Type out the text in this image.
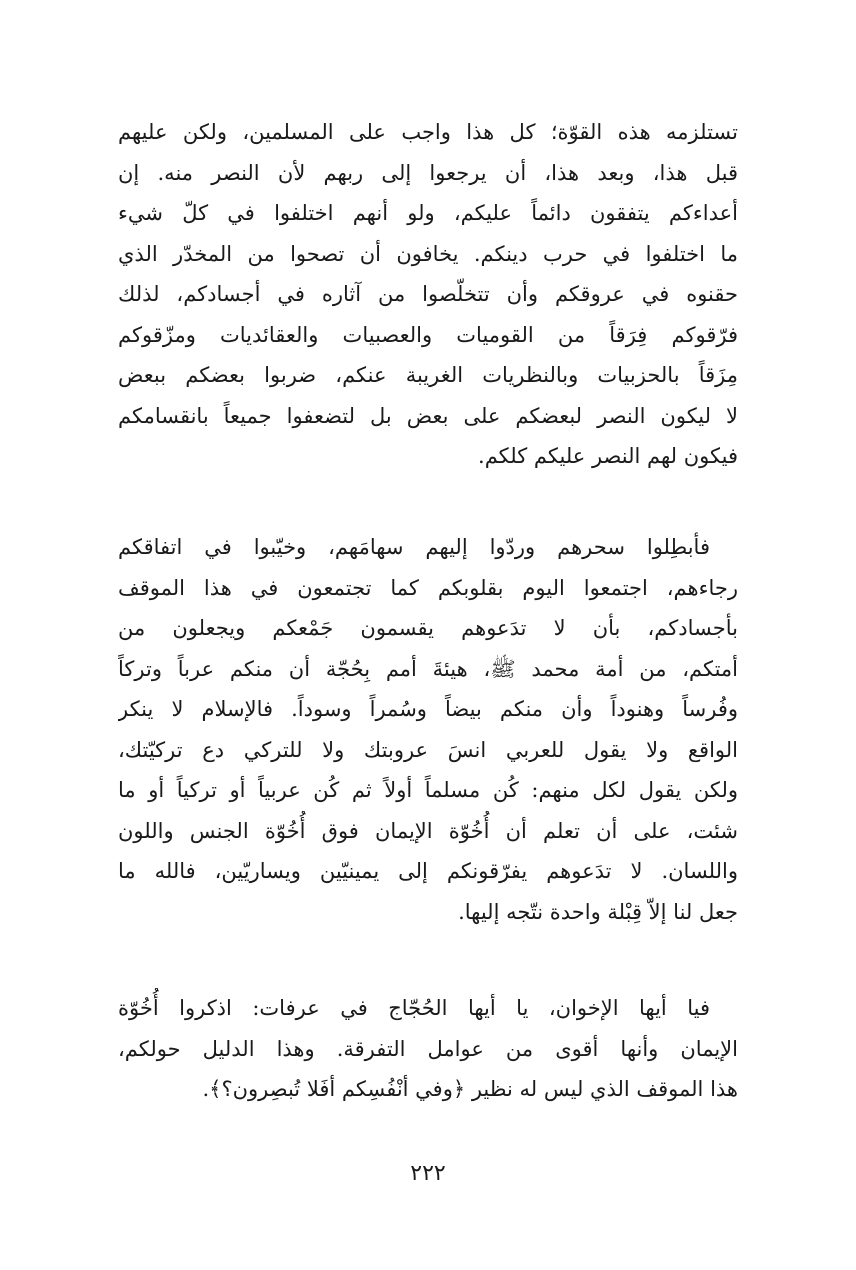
تستلزمه هذه القوّة؛ كل هذا واجب على المسلمين، ولكن عليهم
قبل هذا، وبعد هذا، أن يرجعوا إلى ربهم لأن النصر منه. إن
أعداءكم يتفقون دائماً عليكم، ولو أنهم اختلفوا في كلّ شيء
ما اختلفوا في حرب دينكم. يخافون أن تصحوا من المخدّر الذي
حقنوه في عروقكم وأن تتخلّصوا من آثاره في أجسادكم، لذلك
فرّقوكم فِرَقاً من القوميات والعصبيات والعقائديات ومزّقوكم
مِزَقاً بالحزبيات وبالنظريات الغريبة عنكم، ضربوا بعضكم ببعض
لا ليكون النصر لبعضكم على بعض بل لتضعفوا جميعاً بانقسامكم
فيكون لهم النصر عليكم كلكم.
فأبطِلوا سحرهم وردّوا إليهم سهامَهم، وخيّبوا في اتفاقكم
رجاءهم، اجتمعوا اليوم بقلوبكم كما تجتمعون في هذا الموقف
بأجسادكم، بأن لا تدَعوهم يقسمون جَمْعكم ويجعلون من
أمتكم، من أمة محمد ﷺ، هيئةَ أمم بِحُجّة أن منكم عرباً وتركاً
وفُرساً وهنوداً وأن منكم بيضاً وسُمراً وسوداً. فالإسلام لا ينكر
الواقع ولا يقول للعربي انسَ عروبتك ولا للتركي دع تركيّتك،
ولكن يقول لكل منهم: كُن مسلماً أولاً ثم كُن عربياً أو تركياً أو ما
شئت، على أن تعلم أن أُخُوّة الإيمان فوق أُخُوّة الجنس واللون
واللسان. لا تدَعوهم يفرّقونكم إلى يمينيّين ويساريّين، فالله ما
جعل لنا إلاّ قِبْلة واحدة نتّجه إليها.
فيا أيها الإخوان، يا أيها الحُجّاج في عرفات: اذكروا أُخُوّة
الإيمان وأنها أقوى من عوامل التفرقة. وهذا الدليل حولكم،
هذا الموقف الذي ليس له نظير ﴿وفي أنْفُسِكم أفَلا تُبصِرون؟﴾.
٢٢٢
